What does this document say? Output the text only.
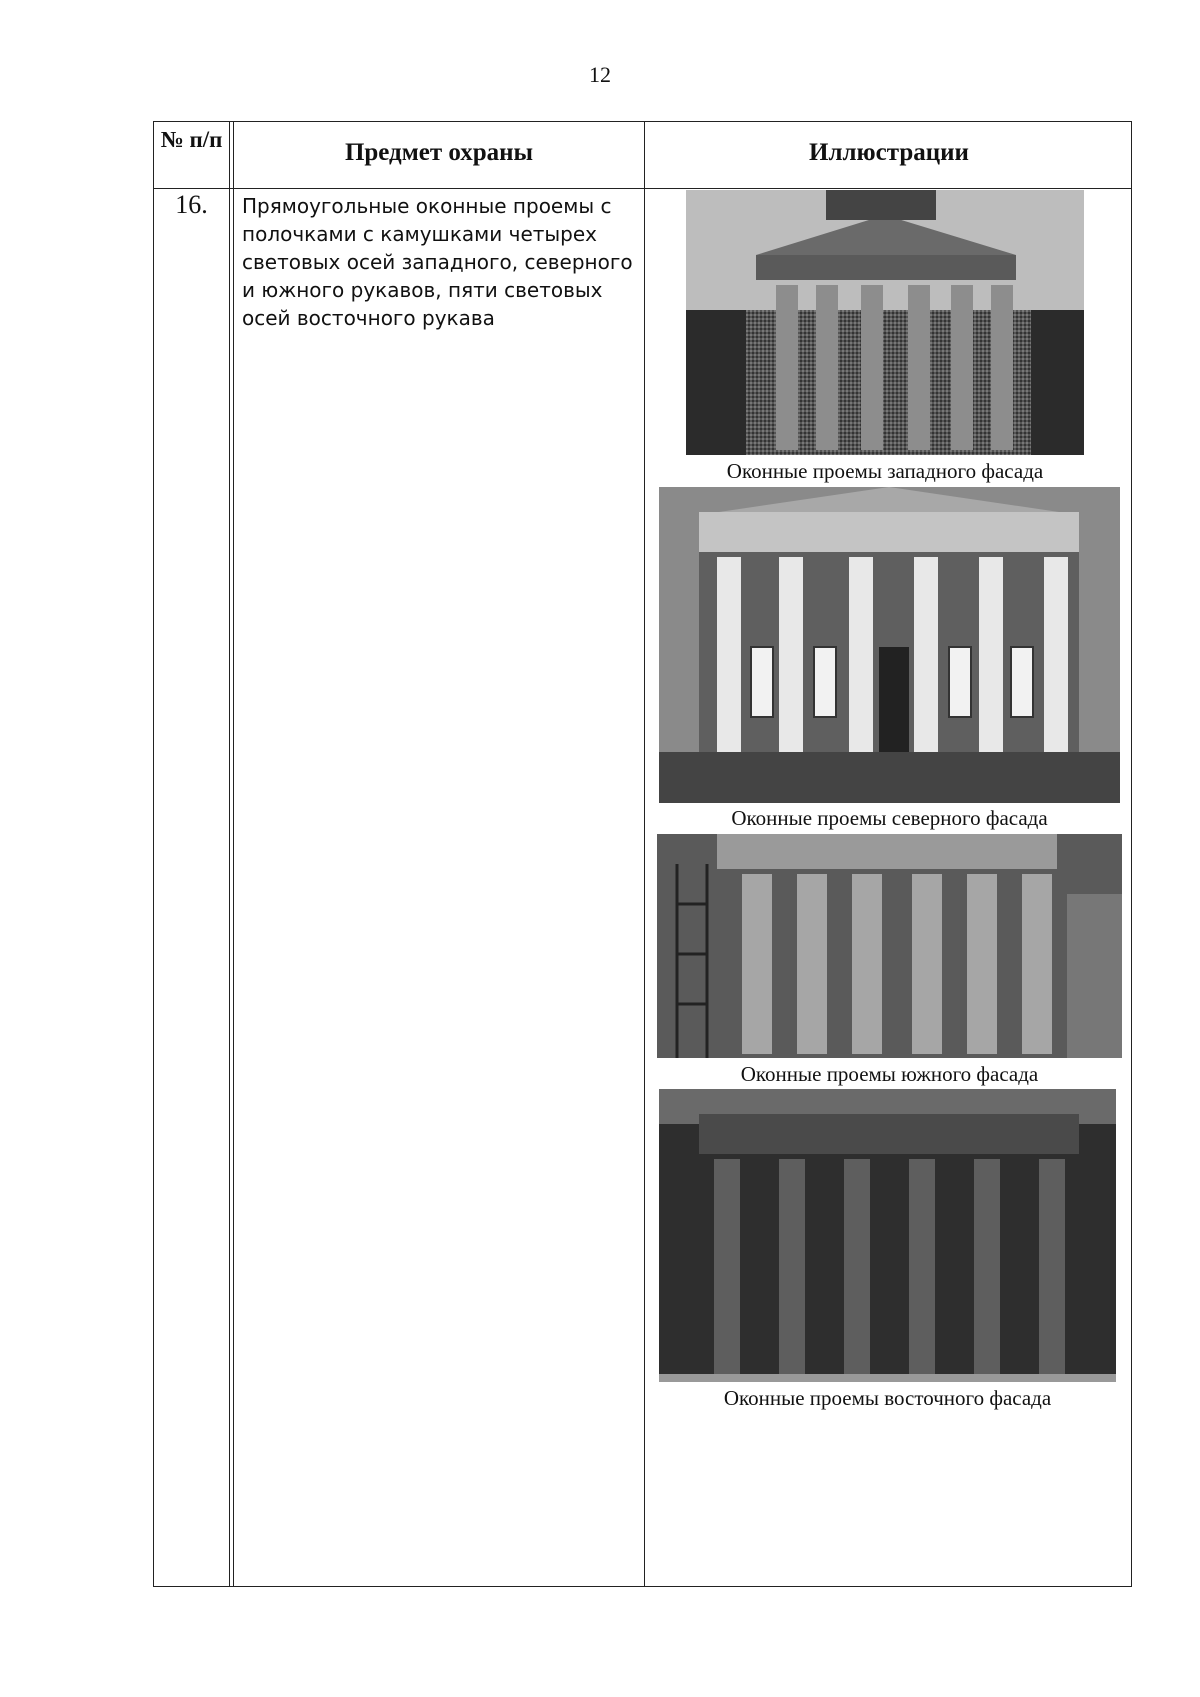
12
№ п/п	Предмет охраны	Иллюстрации
16.	Прямоугольные оконные проемы с
полочками с камушками четырех
световых осей западного, северного
и южного рукавов, пяти световых
осей восточного рукава
Оконные проемы западного фасада
Оконные проемы северного фасада
Оконные проемы южного фасада
Оконные проемы восточного фасада
